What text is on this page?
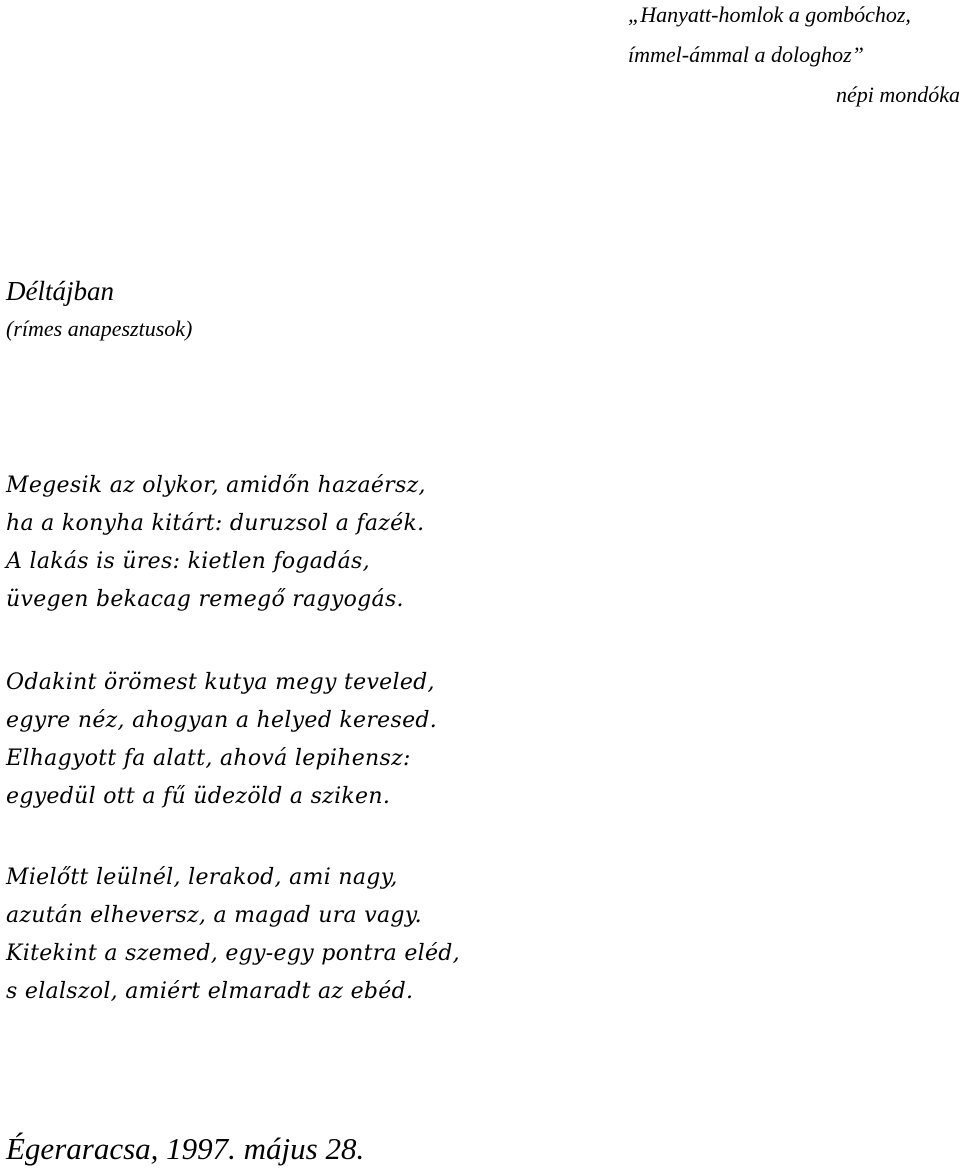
„Hanyatt-homlok a gombóchoz,
ímmel-ámmal a dologhoz”
népi mondóka
Déltájban
(rímes anapesztusok)
Megesik az olykor, amidőn hazaérsz,
ha a konyha kitárt: duruzsol a fazék.
A lakás is üres: kietlen fogadás,
üvegen bekacag remegő ragyogás.
Odakint örömest kutya megy teveled,
egyre néz, ahogyan a helyed keresed.
Elhagyott fa alatt, ahová lepihensz:
egyedül ott a fű üdezöld a sziken.
Mielőtt leülnél, lerakod, ami nagy,
azután elheversz, a magad ura vagy.
Kitekint a szemed, egy-egy pontra eléd,
s elalszol, amiért elmaradt az ebéd.
Égeraracsa, 1997. május 28.
